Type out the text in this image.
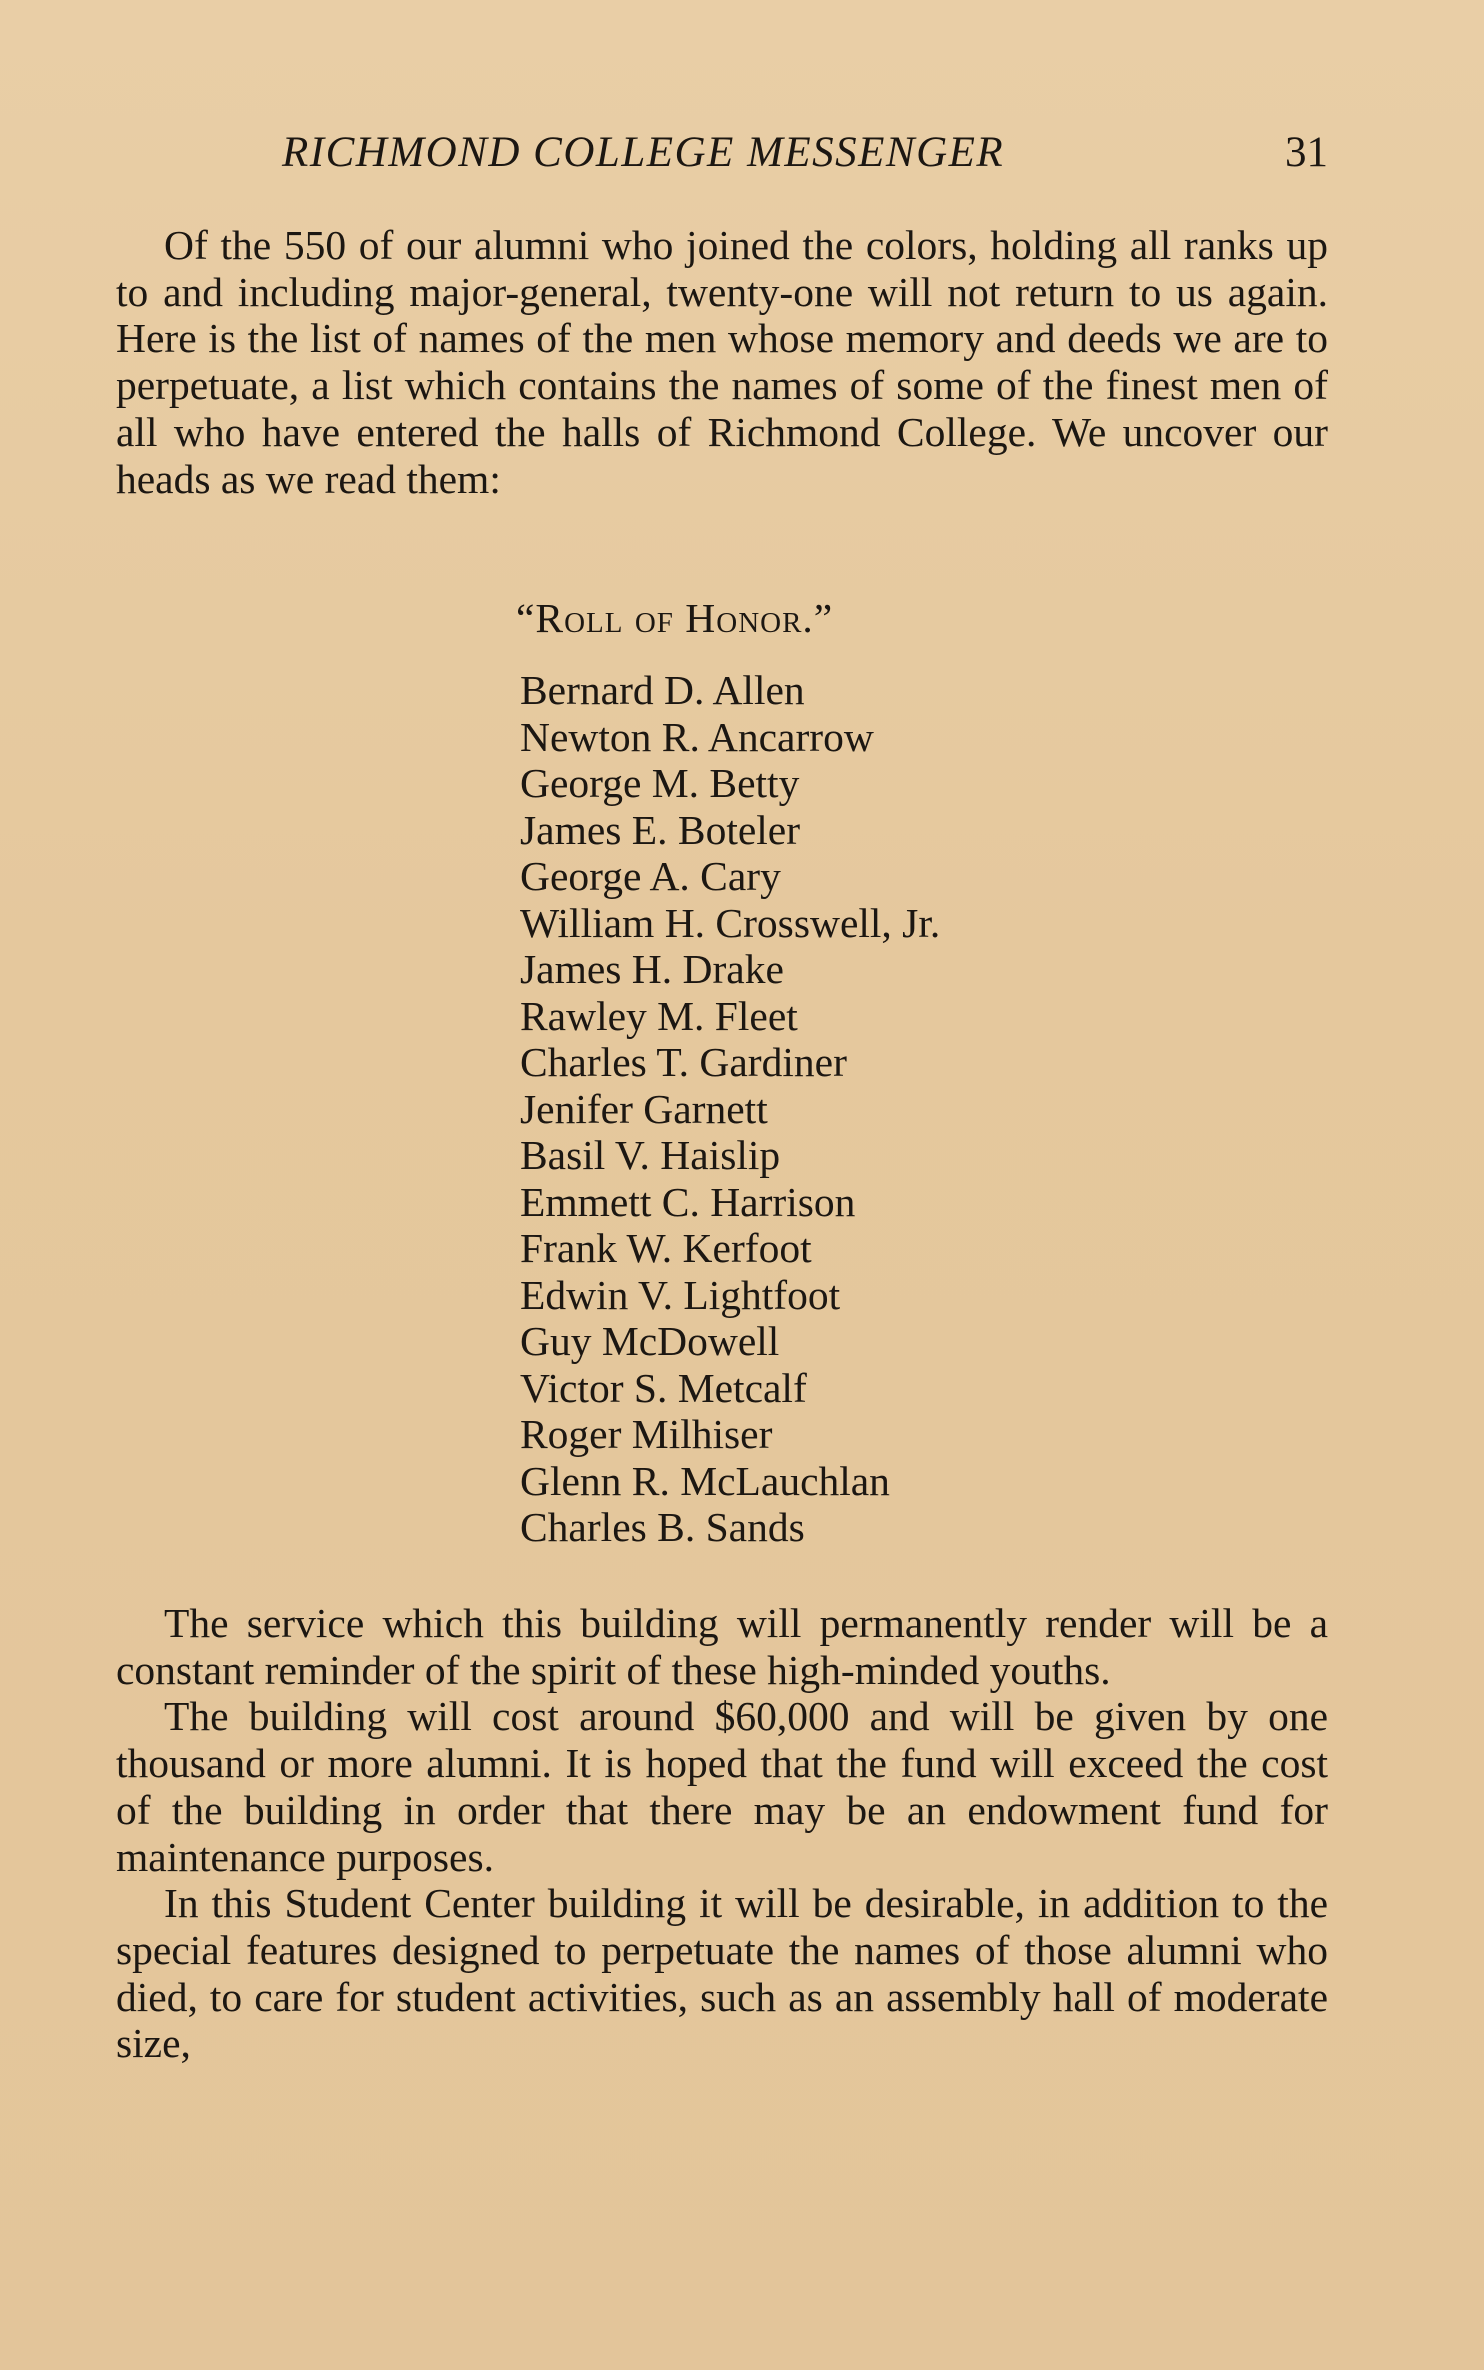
RICHMOND COLLEGE MESSENGER	31

Of the 550 of our alumni who joined the colors, holding all ranks up to and including major-general, twenty-one will not return to us again. Here is the list of names of the men whose memory and deeds we are to perpetuate, a list which contains the names of some of the finest men of all who have entered the halls of Richmond College. We uncover our heads as we read them:

“Roll of Honor.”
Bernard D. Allen
Newton R. Ancarrow
George M. Betty
James E. Boteler
George A. Cary
William H. Crosswell, Jr.
James H. Drake
Rawley M. Fleet
Charles T. Gardiner
Jenifer Garnett
Basil V. Haislip
Emmett C. Harrison
Frank W. Kerfoot
Edwin V. Lightfoot
Guy McDowell
Victor S. Metcalf
Roger Milhiser
Glenn R. McLauchlan
Charles B. Sands

The service which this building will permanently render will be a constant reminder of the spirit of these high-minded youths.

The building will cost around $60,000 and will be given by one thousand or more alumni. It is hoped that the fund will exceed the cost of the building in order that there may be an endowment fund for maintenance purposes.

In this Student Center building it will be desirable, in addition to the special features designed to perpetuate the names of those alumni who died, to care for student activities, such as an assembly hall of moderate size,
